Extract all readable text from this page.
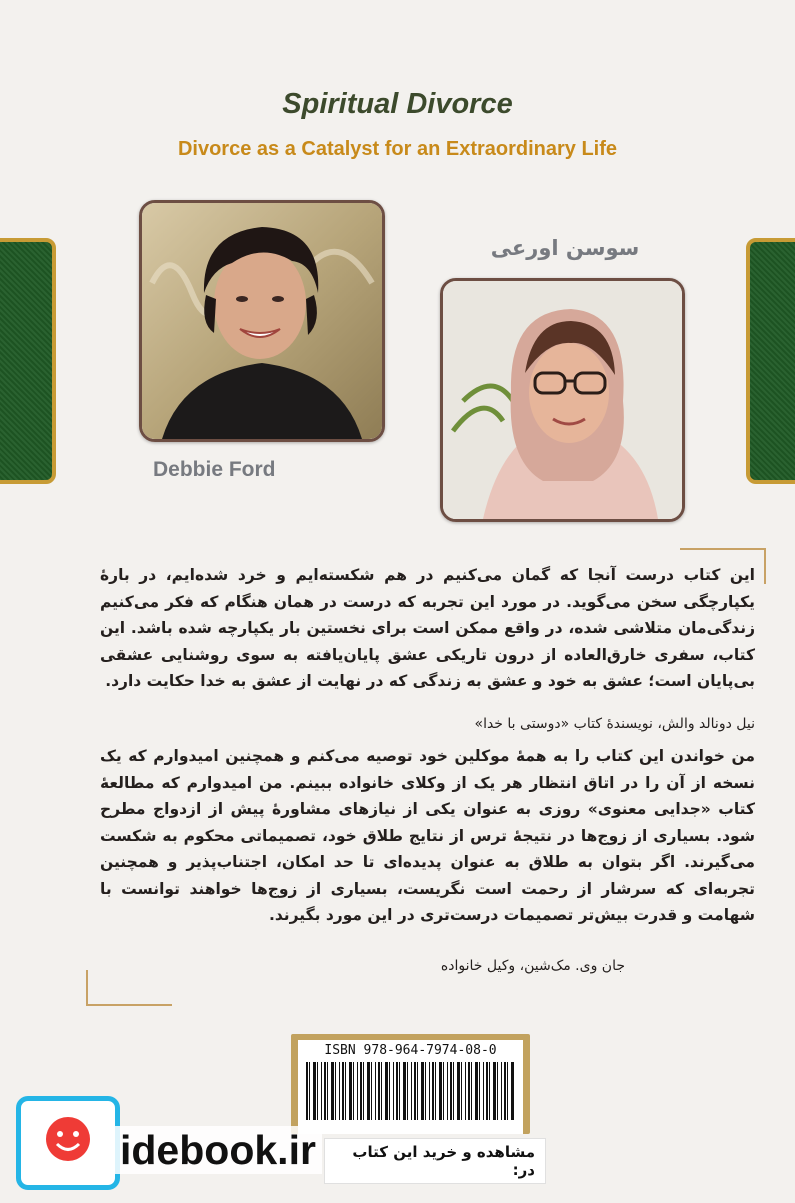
Spiritual Divorce

Divorce as a Catalyst for an Extraordinary Life

سوسن اورعی

Debbie Ford

این کتاب درست آنجا که گمان می‌کنیم در هم شکسته‌ایم و خرد شده‌ایم، در بارهٔ یکپارچگی سخن می‌گوید. در مورد این تجربه که درست در همان هنگام که فکر می‌کنیم زندگی‌مان متلاشی شده، در واقع ممکن است برای نخستین بار یکپارچه شده باشد. این کتاب، سفری خارق‌العاده از درون تاریکی عشق پایان‌یافته به سوی روشنایی عشقی بی‌پایان است؛ عشق به خود و عشق به زندگی که در نهایت از عشق به خدا حکایت دارد.

نیل دونالد والش، نویسندهٔ کتاب «دوستی با خدا»

من خواندن این کتاب را به همهٔ موکلین خود توصیه می‌کنم و همچنین امیدوارم که یک نسخه از آن را در اتاق انتظار هر یک از وکلای خانواده ببینم. من امیدوارم که مطالعهٔ کتاب «جدایی معنوی» روزی به عنوان یکی از نیازهای مشاورهٔ پیش از ازدواج مطرح شود. بسیاری از زوج‌ها در نتیجهٔ ترس از نتایج طلاق خود، تصمیماتی محکوم به شکست می‌گیرند. اگر بتوان به طلاق به عنوان پدیده‌ای تا حد امکان، اجتناب‌پذیر و همچنین تجربه‌ای که سرشار از رحمت است نگریست، بسیاری از زوج‌ها خواهند توانست با شهامت و قدرت بیش‌تر تصمیمات درست‌تری در این مورد بگیرند.

جان وی. مک‌شین، وکیل خانواده

ISBN 978-964-7974-08-0

idebook.ir	مشاهده و خرید این کتاب در:
